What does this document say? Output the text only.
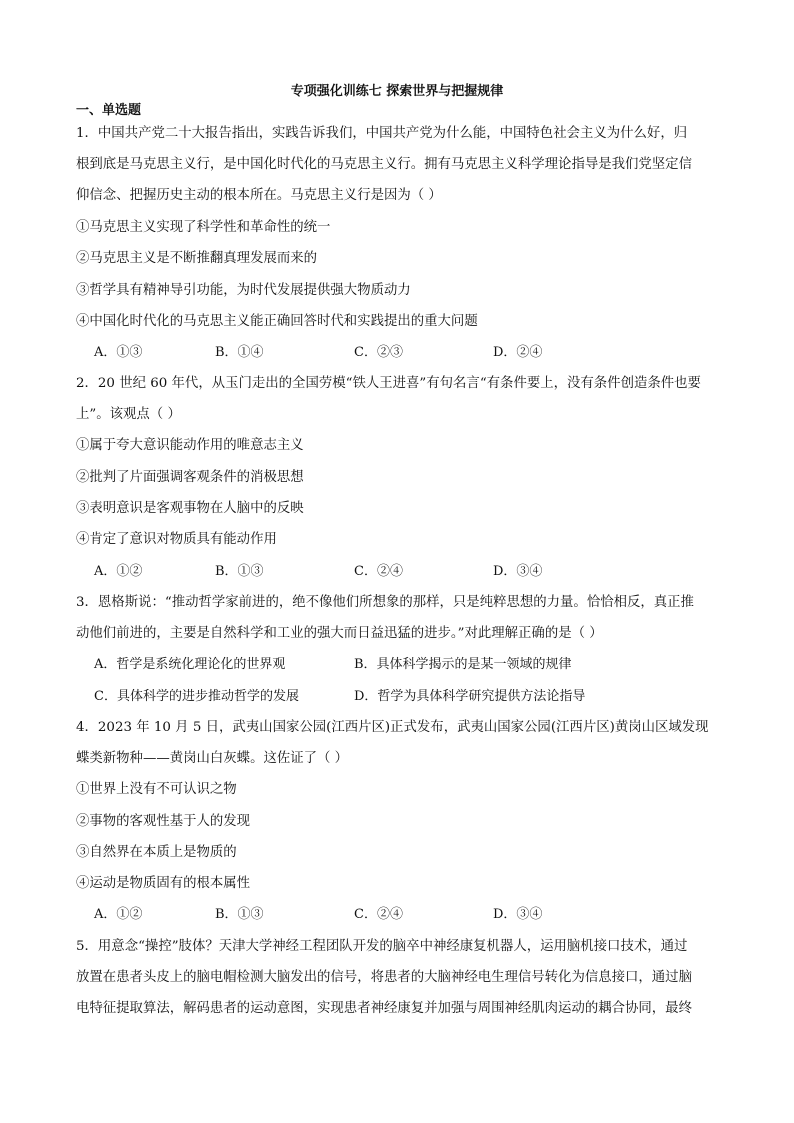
专项强化训练七 探索世界与把握规律
一、单选题
1．中国共产党二十大报告指出，实践告诉我们，中国共产党为什么能，中国特色社会主义为什么好，归
根到底是马克思主义行，是中国化时代化的马克思主义行。拥有马克思主义科学理论指导是我们党坚定信
仰信念、把握历史主动的根本所在。马克思主义行是因为（ ）
①马克思主义实现了科学性和革命性的统一
②马克思主义是不断推翻真理发展而来的
③哲学具有精神导引功能，为时代发展提供强大物质动力
④中国化时代化的马克思主义能正确回答时代和实践提出的重大问题
A．①③	B．①④	C．②③	D．②④
2．20 世纪 60 年代，从玉门走出的全国劳模“铁人王进喜”有句名言“有条件要上，没有条件创造条件也要
上”。该观点（ ）
①属于夸大意识能动作用的唯意志主义
②批判了片面强调客观条件的消极思想
③表明意识是客观事物在人脑中的反映
④肯定了意识对物质具有能动作用
A．①②	B．①③	C．②④	D．③④
3．恩格斯说：“推动哲学家前进的，绝不像他们所想象的那样，只是纯粹思想的力量。恰恰相反，真正推
动他们前进的，主要是自然科学和工业的强大而日益迅猛的进步。”对此理解正确的是（ ）
A．哲学是系统化理论化的世界观	B．具体科学揭示的是某一领域的规律
C．具体科学的进步推动哲学的发展	D．哲学为具体科学研究提供方法论指导
4．2023 年 10 月 5 日，武夷山国家公园(江西片区)正式发布，武夷山国家公园(江西片区)黄岗山区域发现
蝶类新物种——黄岗山白灰蝶。这佐证了（ ）
①世界上没有不可认识之物
②事物的客观性基于人的发现
③自然界在本质上是物质的
④运动是物质固有的根本属性
A．①②	B．①③	C．②④	D．③④
5．用意念“操控”肢体？天津大学神经工程团队开发的脑卒中神经康复机器人，运用脑机接口技术，通过
放置在患者头皮上的脑电帽检测大脑发出的信号，将患者的大脑神经电生理信号转化为信息接口，通过脑
电特征提取算法，解码患者的运动意图，实现患者神经康复并加强与周围神经肌肉运动的耦合协同，最终
